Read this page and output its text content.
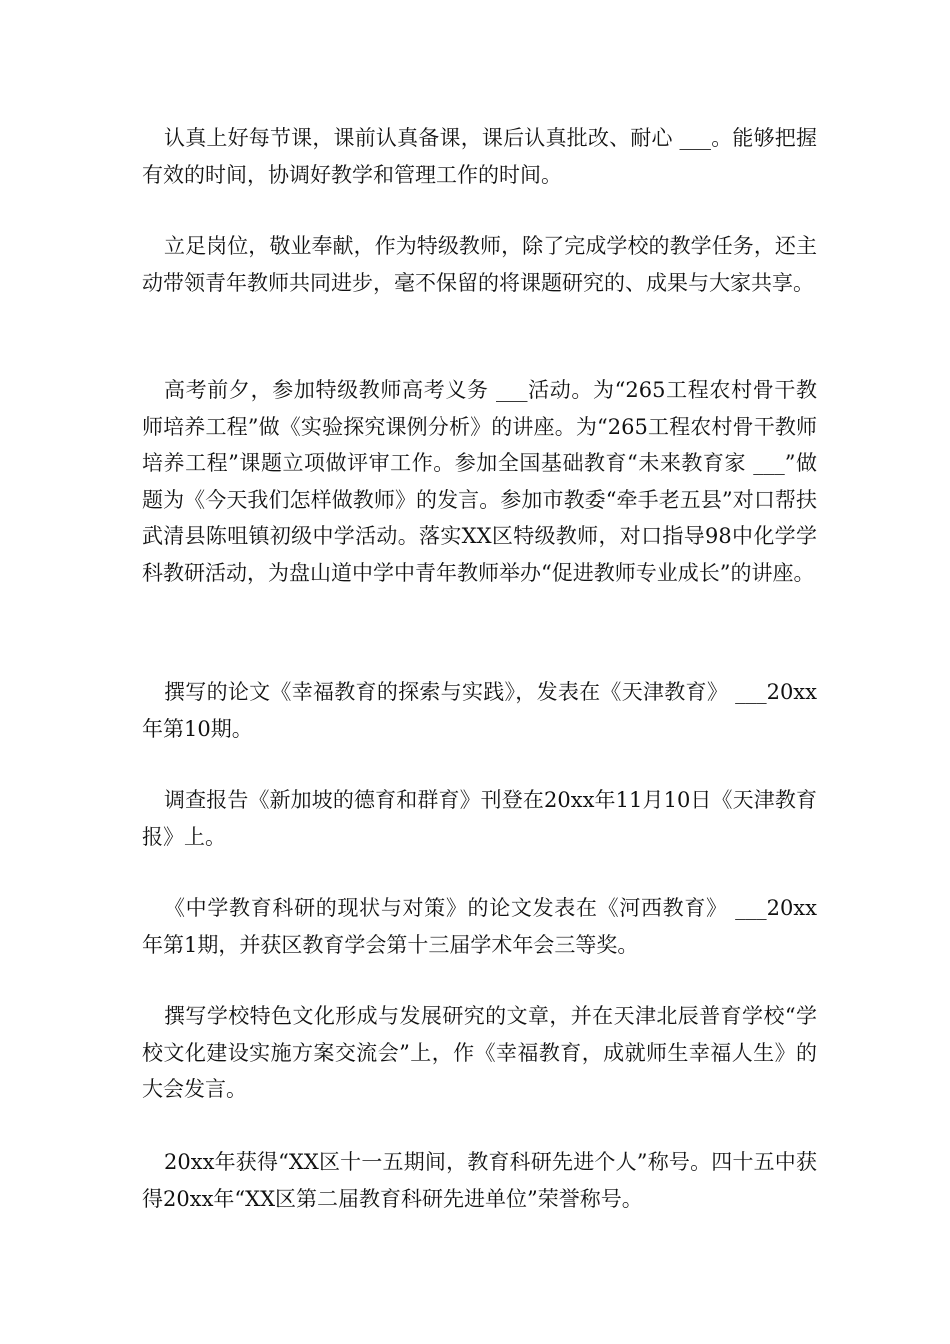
认真上好每节课，课前认真备课，课后认真批改、耐心 ___。能够把握有效的时间，协调好教学和管理工作的时间。

立足岗位，敬业奉献，作为特级教师，除了完成学校的教学任务，还主动带领青年教师共同进步，毫不保留的将课题研究的、成果与大家共享。

高考前夕，参加特级教师高考义务 ___活动。为“265工程农村骨干教师培养工程”做《实验探究课例分析》的讲座。为“265工程农村骨干教师培养工程”课题立项做评审工作。参加全国基础教育“未来教育家 ___”做题为《今天我们怎样做教师》的发言。参加市教委“牵手老五县”对口帮扶武清县陈咀镇初级中学活动。落实XX区特级教师，对口指导98中化学学科教研活动，为盘山道中学中青年教师举办“促进教师专业成长”的讲座。

撰写的论文《幸福教育的探索与实践》，发表在《天津教育》 ___20xx年第10期。

调查报告《新加坡的德育和群育》刊登在20xx年11月10日《天津教育报》上。

《中学教育科研的现状与对策》的论文发表在《河西教育》 ___20xx年第1期，并获区教育学会第十三届学术年会三等奖。

撰写学校特色文化形成与发展研究的文章，并在天津北辰普育学校“学校文化建设实施方案交流会”上，作《幸福教育，成就师生幸福人生》的大会发言。

20xx年获得“XX区十一五期间，教育科研先进个人”称号。四十五中获得20xx年“XX区第二届教育科研先进单位”荣誉称号。
